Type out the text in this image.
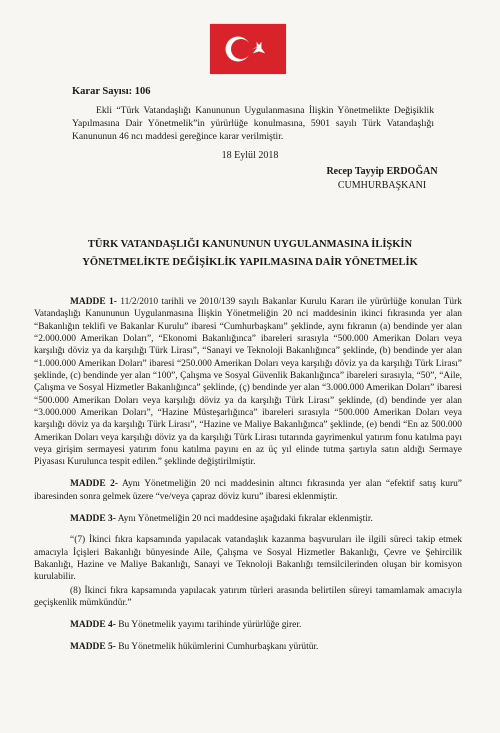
Karar Sayısı: 106
Ekli “Türk Vatandaşlığı Kanununun Uygulanmasına İlişkin Yönetmelikte Değişiklik Yapılmasına Dair Yönetmelik”in yürürlüğe konulmasına, 5901 sayılı Türk Vatandaşlığı Kanununun 46 ncı maddesi gereğince karar verilmiştir.
18 Eylül 2018
Recep Tayyip ERDOĞAN
CUMHURBAŞKANI
TÜRK VATANDAŞLIĞI KANUNUNUN UYGULANMASINA İLİŞKİN
YÖNETMELİKTE DEĞİŞİKLİK YAPILMASINA DAİR YÖNETMELİK

MADDE 1- 11/2/2010 tarihli ve 2010/139 sayılı Bakanlar Kurulu Kararı ile yürürlüğe konulan Türk Vatandaşlığı Kanununun Uygulanmasına İlişkin Yönetmeliğin 20 nci maddesinin ikinci fıkrasında yer alan “Bakanlığın teklifi ve Bakanlar Kurulu” ibaresi “Cumhurbaşkanı” şeklinde, aynı fıkranın (a) bendinde yer alan “2.000.000 Amerikan Doları”, “Ekonomi Bakanlığınca” ibareleri sırasıyla “500.000 Amerikan Doları veya karşılığı döviz ya da karşılığı Türk Lirası”, “Sanayi ve Teknoloji Bakanlığınca” şeklinde, (b) bendinde yer alan “1.000.000 Amerikan Doları” ibaresi “250.000 Amerikan Doları veya karşılığı döviz ya da karşılığı Türk Lirası” şeklinde, (c) bendinde yer alan “100”, Çalışma ve Sosyal Güvenlik Bakanlığınca” ibareleri sırasıyla, “50”, “Aile, Çalışma ve Sosyal Hizmetler Bakanlığınca” şeklinde, (ç) bendinde yer alan “3.000.000 Amerikan Doları” ibaresi “500.000 Amerikan Doları veya karşılığı döviz ya da karşılığı Türk Lirası” şeklinde, (d) bendinde yer alan “3.000.000 Amerikan Doları”, “Hazine Müsteşarlığınca” ibareleri sırasıyla “500.000 Amerikan Doları veya karşılığı döviz ya da karşılığı Türk Lirası”, “Hazine ve Maliye Bakanlığınca” şeklinde, (e) bendi “En az 500.000 Amerikan Doları veya karşılığı döviz ya da karşılığı Türk Lirası tutarında gayrimenkul yatırım fonu katılma payı veya girişim sermayesi yatırım fonu katılma payını en az üç yıl elinde tutma şartıyla satın aldığı Sermaye Piyasası Kurulunca tespit edilen.” şeklinde değiştirilmiştir.

MADDE 2- Aynı Yönetmeliğin 20 nci maddesinin altıncı fıkrasında yer alan “efektif satış kuru” ibaresinden sonra gelmek üzere “ve/veya çapraz döviz kuru” ibaresi eklenmiştir.

MADDE 3- Aynı Yönetmeliğin 20 nci maddesine aşağıdaki fıkralar eklenmiştir.

“(7) İkinci fıkra kapsamında yapılacak vatandaşlık kazanma başvuruları ile ilgili süreci takip etmek amacıyla İçişleri Bakanlığı bünyesinde Aile, Çalışma ve Sosyal Hizmetler Bakanlığı, Çevre ve Şehircilik Bakanlığı, Hazine ve Maliye Bakanlığı, Sanayi ve Teknoloji Bakanlığı temsilcilerinden oluşan bir komisyon kurulabilir.

(8) İkinci fıkra kapsamında yapılacak yatırım türleri arasında belirtilen süreyi tamamlamak amacıyla geçişkenlik mümkündür.”

MADDE 4- Bu Yönetmelik yayımı tarihinde yürürlüğe girer.

MADDE 5- Bu Yönetmelik hükümlerini Cumhurbaşkanı yürütür.
